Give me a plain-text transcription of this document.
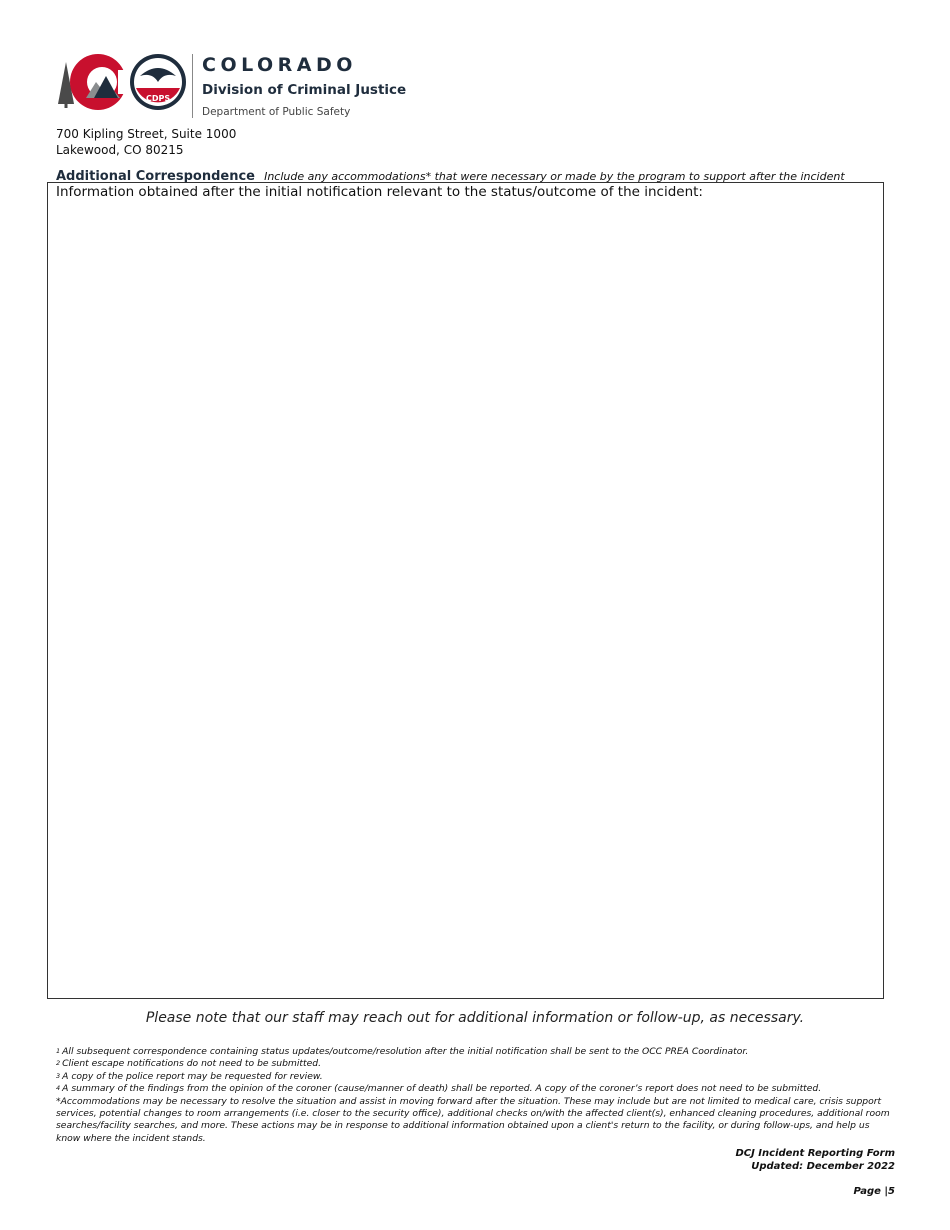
CDPS
COLORADO
Division of Criminal Justice
Department of Public Safety
700 Kipling Street, Suite 1000
Lakewood, CO 80215
Additional Correspondence Include any accommodations* that were necessary or made by the program to support after the incident
Information obtained after the initial notification relevant to the status/outcome of the incident:
Please note that our staff may reach out for additional information or follow-up, as necessary.
$^1$ All subsequent correspondence containing status updates/outcome/resolution after the initial notification shall be sent to the OCC PREA Coordinator.
$^2$ Client escape notifications do not need to be submitted.
$^3$ A copy of the police report may be requested for review.
$^4$ A summary of the findings from the opinion of the coroner (cause/manner of death) shall be reported. A copy of the coroner’s report does not need to be submitted.
*Accommodations may be necessary to resolve the situation and assist in moving forward after the situation. These may include but are not limited to medical care, crisis support services, potential changes to room arrangements (i.e. closer to the security office), additional checks on/with the affected client(s), enhanced cleaning procedures, additional room searches/facility searches, and more. These actions may be in response to additional information obtained upon a client's return to the facility, or during follow-ups, and help us know where the incident stands.
DCJ Incident Reporting Form
Updated: December 2022
Page |5
